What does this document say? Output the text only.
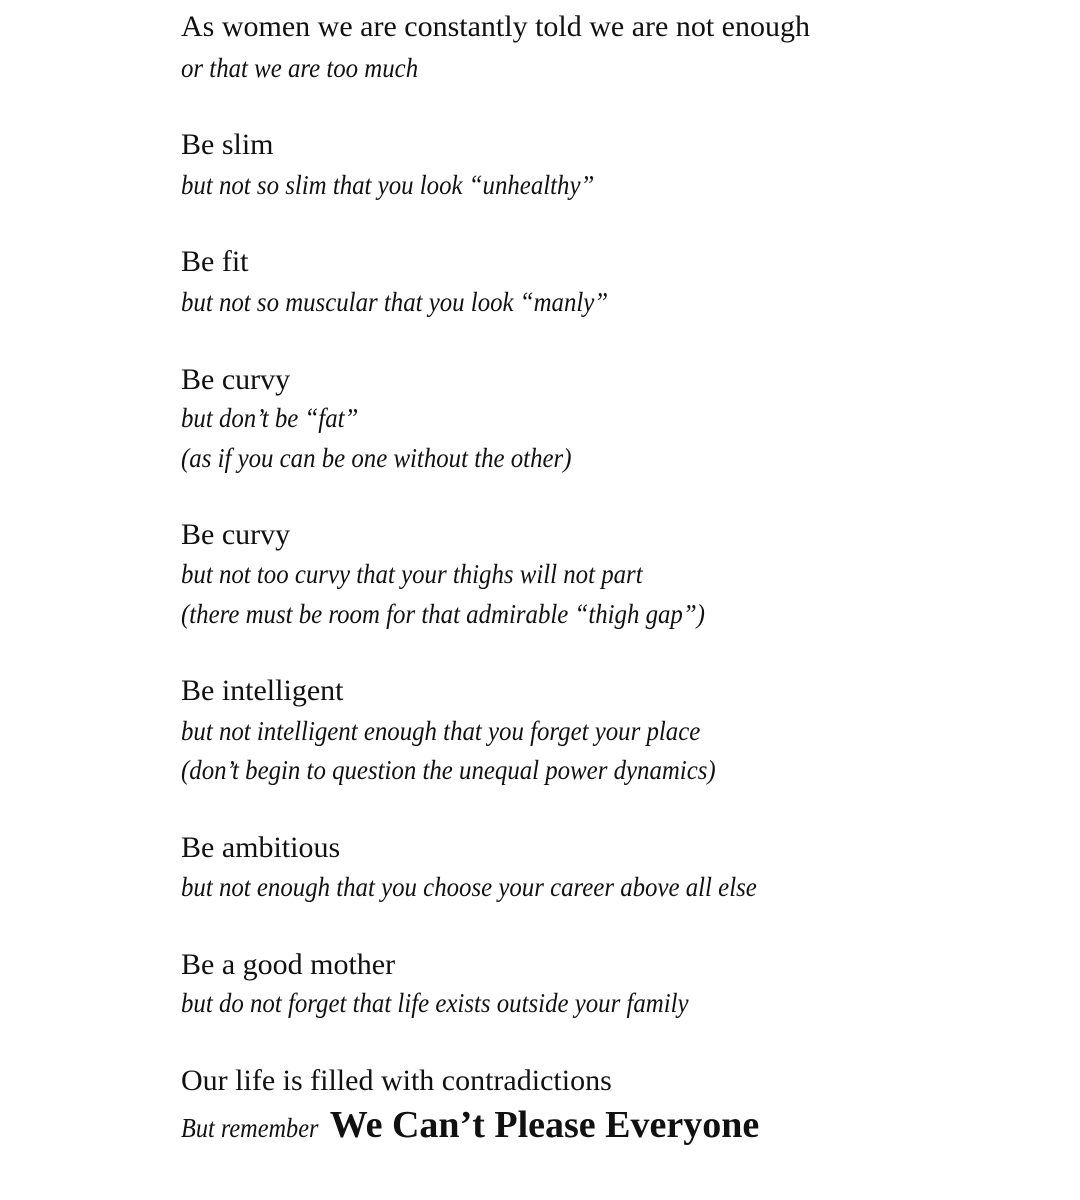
As women we are constantly told we are not enough
or that we are too much
Be slim
but not so slim that you look “unhealthy”
Be fit
but not so muscular that you look “manly”
Be curvy
but don’t be “fat”
(as if you can be one without the other)
Be curvy
but not too curvy that your thighs will not part
(there must be room for that admirable “thigh gap”)
Be intelligent
but not intelligent enough that you forget your place
(don’t begin to question the unequal power dynamics)
Be ambitious
but not enough that you choose your career above all else
Be a good mother
but do not forget that life exists outside your family
Our life is filled with contradictions
But remember We Can’t Please Everyone
